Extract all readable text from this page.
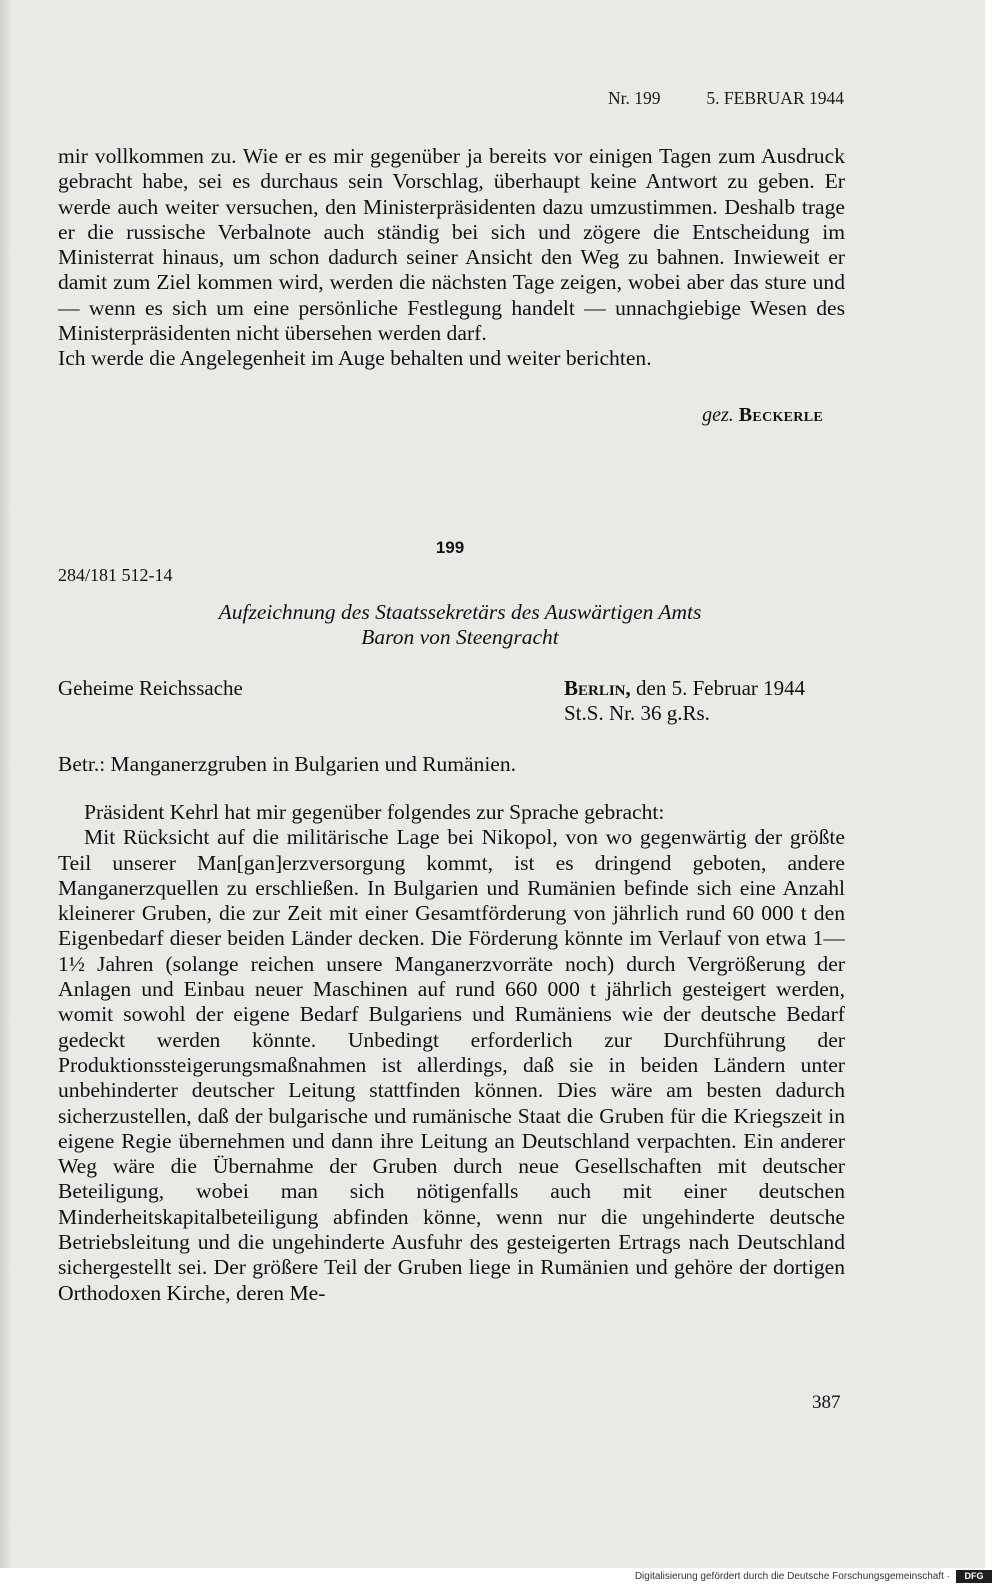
Nr. 199	5. FEBRUAR 1944

mir vollkommen zu. Wie er es mir gegenüber ja bereits vor einigen Tagen zum Ausdruck gebracht habe, sei es durchaus sein Vorschlag, überhaupt keine Antwort zu geben. Er werde auch weiter versuchen, den Ministerpräsidenten dazu umzustimmen. Deshalb trage er die russische Verbalnote auch ständig bei sich und zögere die Entscheidung im Ministerrat hinaus, um schon dadurch seiner Ansicht den Weg zu bahnen. Inwieweit er damit zum Ziel kommen wird, werden die nächsten Tage zeigen, wobei aber das sture und — wenn es sich um eine persönliche Festlegung handelt — unnachgiebige Wesen des Ministerpräsidenten nicht übersehen werden darf.

Ich werde die Angelegenheit im Auge behalten und weiter berichten.

gez. Beckerle
199
284/181 512-14
Aufzeichnung des Staatssekretärs des Auswärtigen Amts
Baron von Steengracht
Geheime Reichssache	Berlin, den 5. Februar 1944
St.S. Nr. 36 g.Rs.
Betr.: Manganerzgruben in Bulgarien und Rumänien.

Präsident Kehrl hat mir gegenüber folgendes zur Sprache gebracht:

Mit Rücksicht auf die militärische Lage bei Nikopol, von wo gegenwärtig der größte Teil unserer Man[gan]erzversorgung kommt, ist es dringend geboten, andere Manganerzquellen zu erschließen. In Bulgarien und Rumänien befinde sich eine Anzahl kleinerer Gruben, die zur Zeit mit einer Gesamtförderung von jährlich rund 60 000 t den Eigenbedarf dieser beiden Länder decken. Die Förderung könnte im Verlauf von etwa 1—1½ Jahren (solange reichen unsere Manganerzvorräte noch) durch Vergrößerung der Anlagen und Einbau neuer Maschinen auf rund 660 000 t jährlich gesteigert werden, womit sowohl der eigene Bedarf Bulgariens und Rumäniens wie der deutsche Bedarf gedeckt werden könnte. Unbedingt erforderlich zur Durchführung der Produktionssteigerungsmaßnahmen ist allerdings, daß sie in beiden Ländern unter unbehinderter deutscher Leitung stattfinden können. Dies wäre am besten dadurch sicherzustellen, daß der bulgarische und rumänische Staat die Gruben für die Kriegszeit in eigene Regie übernehmen und dann ihre Leitung an Deutschland verpachten. Ein anderer Weg wäre die Übernahme der Gruben durch neue Gesellschaften mit deutscher Beteiligung, wobei man sich nötigenfalls auch mit einer deutschen Minderheitskapitalbeteiligung abfinden könne, wenn nur die ungehinderte deutsche Betriebsleitung und die ungehinderte Ausfuhr des gesteigerten Ertrags nach Deutschland sichergestellt sei. Der größere Teil der Gruben liege in Rumänien und gehöre der dortigen Orthodoxen Kirche, deren Me-

387
Digitalisierung gefördert durch die Deutsche Forschungsgemeinschaft ·	DFG
